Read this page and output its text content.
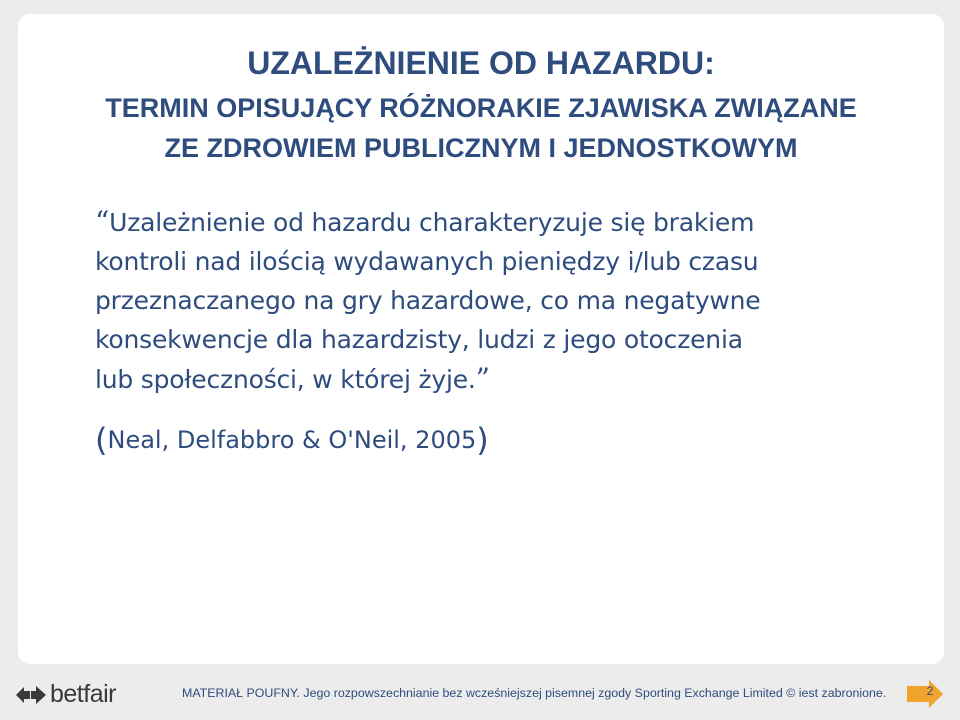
UZALEŻNIENIE OD HAZARDU:
TERMIN OPISUJĄCY RÓŻNORAKIE ZJAWISKA ZWIĄZANE
ZE ZDROWIEM PUBLICZNYM I JEDNOSTKOWYM
“Uzależnienie od hazardu charakteryzuje się brakiem
kontroli nad ilością wydawanych pieniędzy i/lub czasu
przeznaczanego na gry hazardowe, co ma negatywne
konsekwencje dla hazardzisty, ludzi z jego otoczenia
lub społeczności, w której żyje.”
(Neal, Delfabbro & O'Neil, 2005)
betfair	MATERIAŁ POUFNY. Jego rozpowszechnianie bez wcześniejszej pisemnej zgody Sporting Exchange Limited © iest zabronione.	2
